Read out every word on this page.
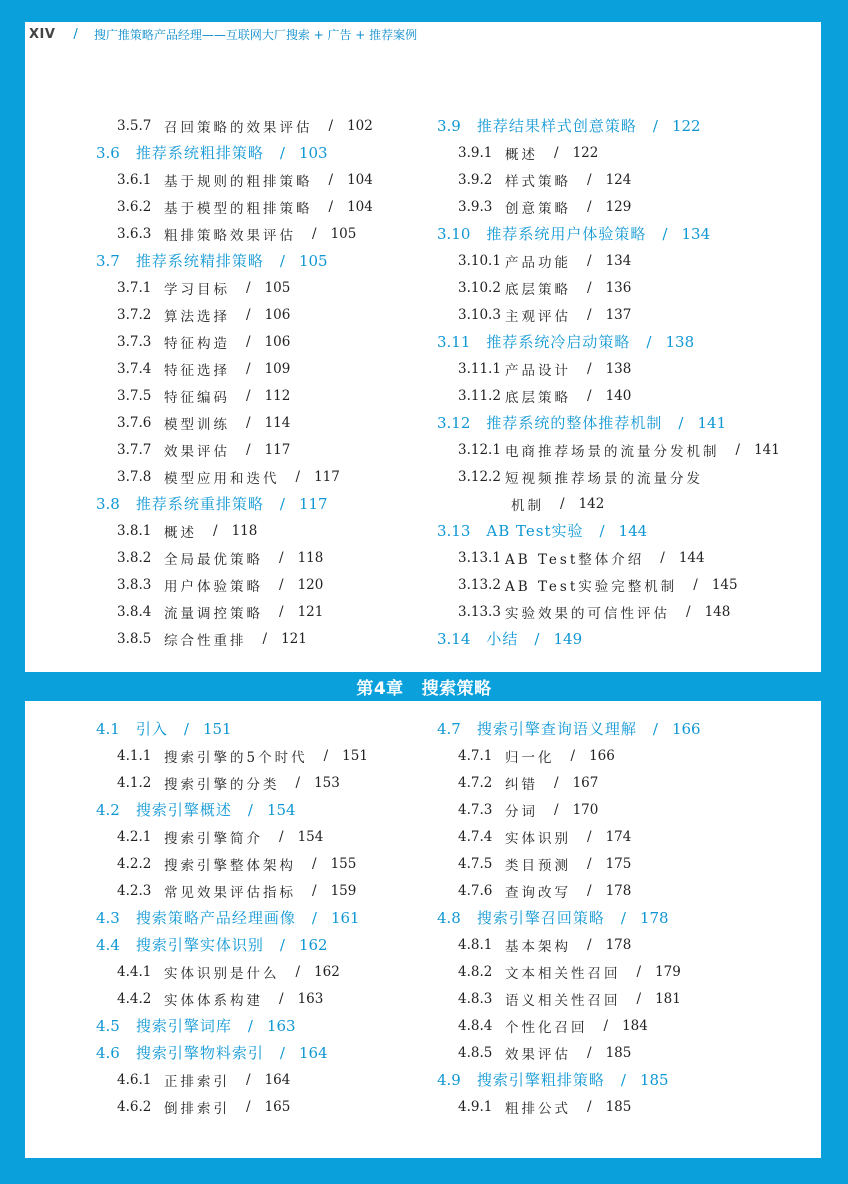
XIV / 搜广推策略产品经理——互联网大厂搜索 + 广告 + 推荐案例
第4章 搜索策略
3.5.7 召回策略的效果评估 / 102
3.6 推荐系统粗排策略 / 103
3.6.1 基于规则的粗排策略 / 104
3.6.2 基于模型的粗排策略 / 104
3.6.3 粗排策略效果评估 / 105
3.7 推荐系统精排策略 / 105
3.7.1 学习目标 / 105
3.7.2 算法选择 / 106
3.7.3 特征构造 / 106
3.7.4 特征选择 / 109
3.7.5 特征编码 / 112
3.7.6 模型训练 / 114
3.7.7 效果评估 / 117
3.7.8 模型应用和迭代 / 117
3.8 推荐系统重排策略 / 117
3.8.1 概述 / 118
3.8.2 全局最优策略 / 118
3.8.3 用户体验策略 / 120
3.8.4 流量调控策略 / 121
3.8.5 综合性重排 / 121
3.9 推荐结果样式创意策略 / 122
3.9.1 概述 / 122
3.9.2 样式策略 / 124
3.9.3 创意策略 / 129
3.10 推荐系统用户体验策略 / 134
3.10.1 产品功能 / 134
3.10.2 底层策略 / 136
3.10.3 主观评估 / 137
3.11 推荐系统冷启动策略 / 138
3.11.1 产品设计 / 138
3.11.2 底层策略 / 140
3.12 推荐系统的整体推荐机制 / 141
3.12.1 电商推荐场景的流量分发机制 / 141
3.12.2 短视频推荐场景的流量分发
机制 / 142
3.13 AB Test实验 / 144
3.13.1 AB Test整体介绍 / 144
3.13.2 AB Test实验完整机制 / 145
3.13.3 实验效果的可信性评估 / 148
3.14 小结 / 149
4.1 引入 / 151
4.1.1 搜索引擎的5个时代 / 151
4.1.2 搜索引擎的分类 / 153
4.2 搜索引擎概述 / 154
4.2.1 搜索引擎简介 / 154
4.2.2 搜索引擎整体架构 / 155
4.2.3 常见效果评估指标 / 159
4.3 搜索策略产品经理画像 / 161
4.4 搜索引擎实体识别 / 162
4.4.1 实体识别是什么 / 162
4.4.2 实体体系构建 / 163
4.5 搜索引擎词库 / 163
4.6 搜索引擎物料索引 / 164
4.6.1 正排索引 / 164
4.6.2 倒排索引 / 165
4.7 搜索引擎查询语义理解 / 166
4.7.1 归一化 / 166
4.7.2 纠错 / 167
4.7.3 分词 / 170
4.7.4 实体识别 / 174
4.7.5 类目预测 / 175
4.7.6 查询改写 / 178
4.8 搜索引擎召回策略 / 178
4.8.1 基本架构 / 178
4.8.2 文本相关性召回 / 179
4.8.3 语义相关性召回 / 181
4.8.4 个性化召回 / 184
4.8.5 效果评估 / 185
4.9 搜索引擎粗排策略 / 185
4.9.1 粗排公式 / 185
